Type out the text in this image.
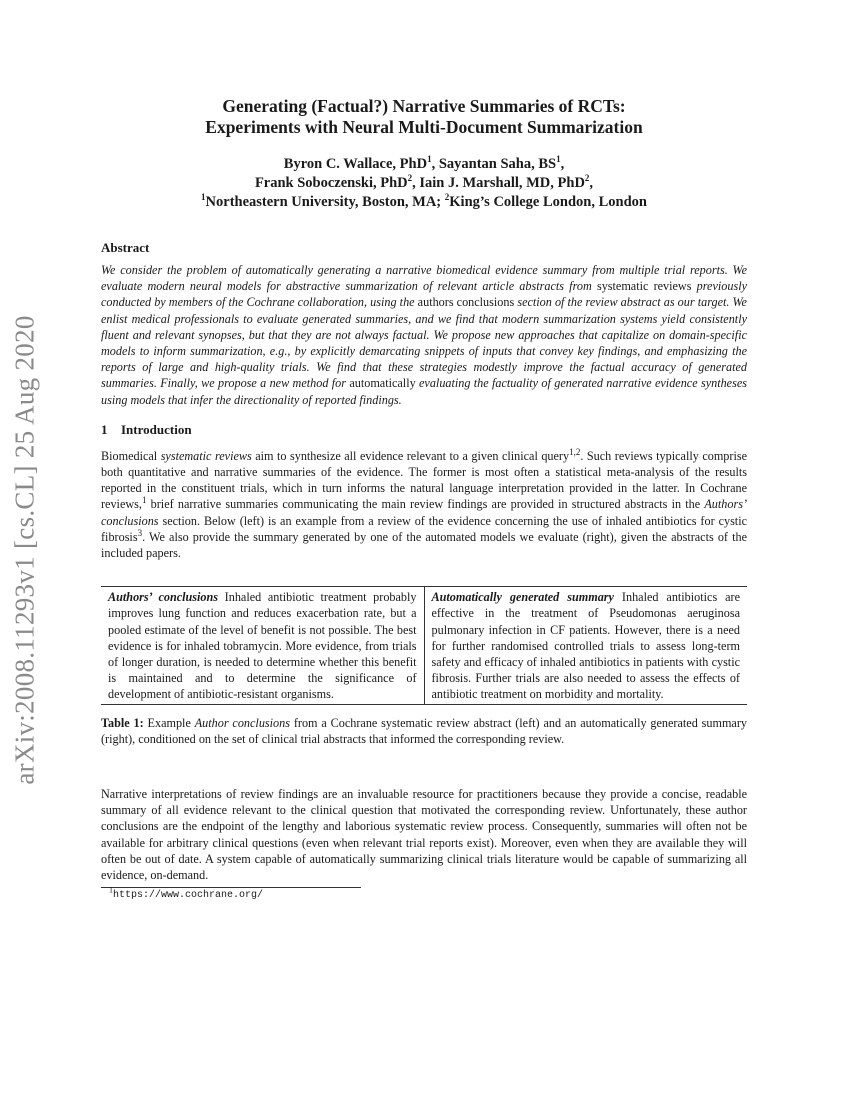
arXiv:2008.11293v1 [cs.CL] 25 Aug 2020
Generating (Factual?) Narrative Summaries of RCTs:
Experiments with Neural Multi-Document Summarization
Byron C. Wallace, PhD$^1$, Sayantan Saha, $BS^1$,
Frank Soboczenski, PhD$^2$, Iain J. Marshall, MD, PhD$^2$,
$^1$Northeastern University, Boston, MA; $^2$King’s College London, London
Abstract
We consider the problem of automatically generating a narrative biomedical evidence summary from multiple trial reports. We evaluate modern neural models for abstractive summarization of relevant article abstracts from systematic reviews previously conducted by members of the Cochrane collaboration, using the authors conclusions section of the review abstract as our target. We enlist medical professionals to evaluate generated summaries, and we find that modern summarization systems yield consistently fluent and relevant synopses, but that they are not always factual. We propose new approaches that capitalize on domain-specific models to inform summarization, e.g., by explicitly demarcating snippets of inputs that convey key findings, and emphasizing the reports of large and high-quality trials. We find that these strategies modestly improve the factual accuracy of generated summaries. Finally, we propose a new method for automatically evaluating the factuality of generated narrative evidence syntheses using models that infer the directionality of reported findings.
1 Introduction
Biomedical systematic reviews aim to synthesize all evidence relevant to a given clinical query$^{1,2}$. Such reviews typically comprise both quantitative and narrative summaries of the evidence. The former is most often a statistical meta-analysis of the results reported in the constituent trials, which in turn informs the natural language interpretation provided in the latter. In Cochrane reviews,$^1$ brief narrative summaries communicating the main review findings are provided in structured abstracts in the Authors’ conclusions section. Below (left) is an example from a review of the evidence concerning the use of inhaled antibiotics for cystic fibrosis$^3$. We also provide the summary generated by one of the automated models we evaluate (right), given the abstracts of the included papers.
Authors’ conclusions Inhaled antibiotic treatment probably improves lung function and reduces exacerbation rate, but a pooled estimate of the level of benefit is not possible. The best evidence is for inhaled tobramycin. More evidence, from trials of longer duration, is needed to determine whether this benefit is maintained and to determine the significance of development of antibiotic-resistant organisms.	Automatically generated summary Inhaled antibiotics are effective in the treatment of Pseudomonas aeruginosa pulmonary infection in CF patients. However, there is a need for further randomised controlled trials to assess long-term safety and efficacy of inhaled antibiotics in patients with cystic fibrosis. Further trials are also needed to assess the effects of antibiotic treatment on morbidity and mortality.
Table 1: Example Author conclusions from a Cochrane systematic review abstract (left) and an automatically generated summary (right), conditioned on the set of clinical trial abstracts that informed the corresponding review.
Narrative interpretations of review findings are an invaluable resource for practitioners because they provide a concise, readable summary of all evidence relevant to the clinical question that motivated the corresponding review. Unfortunately, these author conclusions are the endpoint of the lengthy and laborious systematic review process. Consequently, summaries will often not be available for arbitrary clinical questions (even when relevant trial reports exist). Moreover, even when they are available they will often be out of date. A system capable of automatically summarizing clinical trials literature would be capable of summarizing all evidence, on-demand.
$^1$https://www.cochrane.org/
